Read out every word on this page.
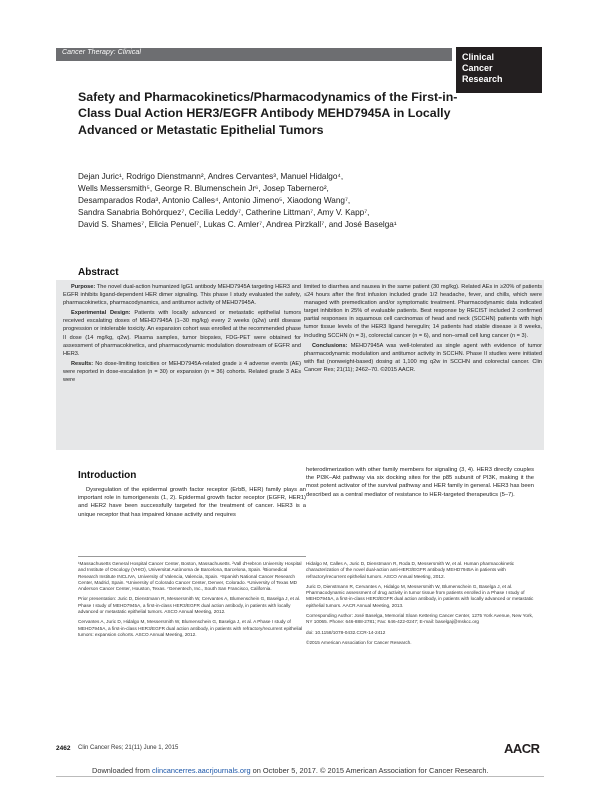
Cancer Therapy: Clinical	Clinical
Cancer
Research
Safety and Pharmacokinetics/Pharmacodynamics of the First-in-Class Dual Action HER3/EGFR Antibody MEHD7945A in Locally Advanced or Metastatic Epithelial Tumors
Dejan Juric¹, Rodrigo Dienstmann², Andres Cervantes³, Manuel Hidalgo⁴,
Wells Messersmith⁵, George R. Blumenschein Jr⁶, Josep Tabernero²,
Desamparados Roda³, Antonio Calles⁴, Antonio Jimeno⁵, Xiaodong Wang⁷,
Sandra Sanabria Bohórquez⁷, Cecilia Leddy⁷, Catherine Littman⁷, Amy V. Kapp⁷,
David S. Shames⁷, Elicia Penuel⁷, Lukas C. Amler⁷, Andrea Pirzkall⁷, and José Baselga¹
Abstract

Purpose: The novel dual-action humanized IgG1 antibody MEHD7945A targeting HER3 and EGFR inhibits ligand-dependent HER dimer signaling. This phase I study evaluated the safety, pharmacokinetics, pharmacodynamics, and antitumor activity of MEHD7945A.

Experimental Design: Patients with locally advanced or metastatic epithelial tumors received escalating doses of MEHD7945A (1–30 mg/kg) every 2 weeks (q2w) until disease progression or intolerable toxicity. An expansion cohort was enrolled at the recommended phase II dose (14 mg/kg, q2w). Plasma samples, tumor biopsies, FDG-PET were obtained for assessment of pharmacokinetics, and pharmacodynamic modulation downstream of EGFR and HER3.

Results: No dose-limiting toxicities or MEHD7945A-related grade ≥ 4 adverse events (AE) were reported in dose-escalation (n = 30) or expansion (n = 36) cohorts. Related grade 3 AEs were

limited to diarrhea and nausea in the same patient (30 mg/kg). Related AEs in ≥20% of patients ≤24 hours after the first infusion included grade 1/2 headache, fever, and chills, which were managed with premedication and/or symptomatic treatment. Pharmacodynamic data indicated target inhibition in 25% of evaluable patients. Best response by RECIST included 2 confirmed partial responses in squamous cell carcinomas of head and neck (SCCHN) patients with high tumor tissue levels of the HER3 ligand heregulin; 14 patients had stable disease ≥ 8 weeks, including SCCHN (n = 3), colorectal cancer (n = 6), and non–small cell lung cancer (n = 3).

Conclusions: MEHD7945A was well-tolerated as single agent with evidence of tumor pharmacodynamic modulation and antitumor activity in SCCHN. Phase II studies were initiated with flat (nonweight-based) dosing at 1,100 mg q2w in SCCHN and colorectal cancer. Clin Cancer Res; 21(11); 2462–70. ©2015 AACR.

Introduction

Dysregulation of the epidermal growth factor receptor (ErbB, HER) family plays an important role in tumorigenesis (1, 2). Epidermal growth factor receptor (EGFR, HER1) and HER2 have been successfully targeted for the treatment of cancer. HER3 is a unique receptor that has impaired kinase activity and requires

heterodimerization with other family members for signaling (3, 4). HER3 directly couples the PI3K–Akt pathway via six docking sites for the p85 subunit of PI3K, making it the most potent activator of the survival pathway and HER family in general. HER3 has been described as a central mediator of resistance to HER-targeted therapeutics (5–7).

¹Massachusetts General Hospital Cancer Center, Boston, Massachusetts. ²Vall d'Hebron University Hospital and Institute of Oncology (VHIO), Universitat Autònoma de Barcelona, Barcelona, Spain. ³Biomedical Research Institute INCLIVA, University of Valencia, Valencia, Spain. ⁴Spanish National Cancer Research Center, Madrid, Spain. ⁵University of Colorado Cancer Center, Denver, Colorado. ⁶University of Texas MD Anderson Cancer Center, Houston, Texas. ⁷Genentech, Inc., South San Francisco, California.

Prior presentation: Juric D, Dienstmann R, Messersmith W, Cervantes A, Blumenschein G, Baselga J, et al. Phase I study of MEHD7945A, a first-in-class HER3/EGFR dual action antibody, in patients with locally advanced or metastatic epithelial tumors. ASCO Annual Meeting, 2012.

Cervantes A, Juric D, Hidalgo M, Messersmith W, Blumenschein G, Baselga J, et al. A Phase I study of MEHD7945A, a first-in-class HER3/EGFR dual action antibody, in patients with refractory/recurrent epithelial tumors: expansion cohorts. ASCO Annual Meeting, 2012.

Hidalgo M, Calles A, Juric D, Dienstmann R, Roda D, Messersmith W, et al. Human pharmacokinetic characterization of the novel dual-action anti-HER3/EGFR antibody MEHD7945A in patients with refractory/recurrent epithelial tumors. ASCO Annual Meeting, 2012.

Juric D, Dienstmann R, Cervantes A, Hidalgo M, Messersmith W, Blumenschein G, Baselga J, et al. Pharmacodynamic assessment of drug activity in tumor tissue from patients enrolled in a Phase I study of MEHD7945A, a first-in-class HER3/EGFR dual action antibody, in patients with locally advanced or metastatic epithelial tumors. AACR Annual Meeting, 2013.

Corresponding Author: José Baselga, Memorial Sloan Kettering Cancer Center, 1275 York Avenue, New York, NY 10065. Phone: 646-888-2781; Fax: 646-422-0247; E-mail: baselgaj@mskcc.org

doi: 10.1158/1078-0432.CCR-14-2412

©2015 American Association for Cancer Research.

2462 Clin Cancer Res; 21(11) June 1, 2015	AACR
Downloaded from clincancerres.aacrjournals.org on October 5, 2017. © 2015 American Association for Cancer Research.
